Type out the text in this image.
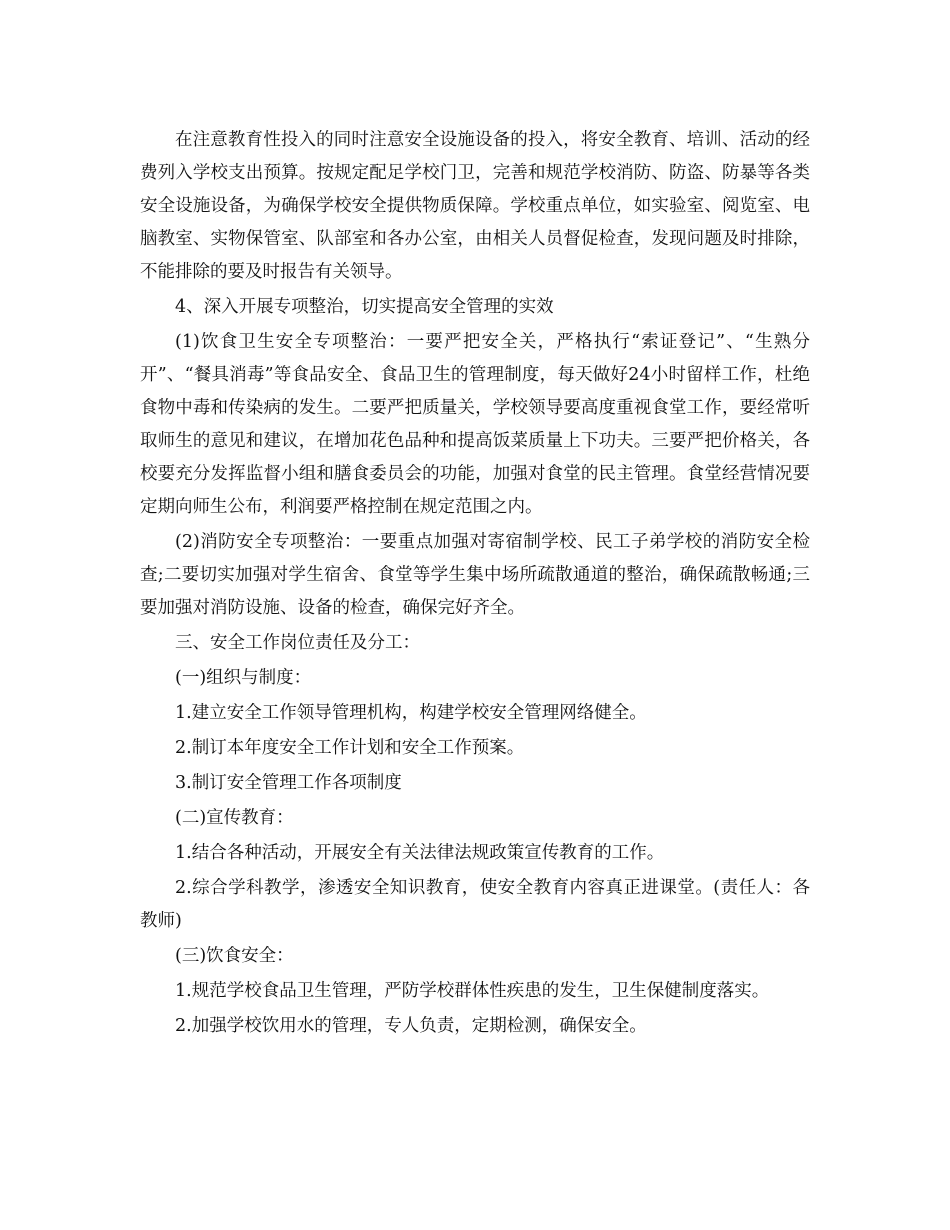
在注意教育性投入的同时注意安全设施设备的投入，将安全教育、培训、活动的经费列入学校支出预算。按规定配足学校门卫，完善和规范学校消防、防盗、防暴等各类安全设施设备，为确保学校安全提供物质保障。学校重点单位，如实验室、阅览室、电脑教室、实物保管室、队部室和各办公室，由相关人员督促检查，发现问题及时排除，不能排除的要及时报告有关领导。

4、深入开展专项整治，切实提高安全管理的实效

(1)饮食卫生安全专项整治：一要严把安全关，严格执行“索证登记”、“生熟分开”、“餐具消毒”等食品安全、食品卫生的管理制度，每天做好24小时留样工作，杜绝食物中毒和传染病的发生。二要严把质量关，学校领导要高度重视食堂工作，要经常听取师生的意见和建议，在增加花色品种和提高饭菜质量上下功夫。三要严把价格关，各校要充分发挥监督小组和膳食委员会的功能，加强对食堂的民主管理。食堂经营情况要定期向师生公布，利润要严格控制在规定范围之内。

(2)消防安全专项整治：一要重点加强对寄宿制学校、民工子弟学校的消防安全检查;二要切实加强对学生宿舍、食堂等学生集中场所疏散通道的整治，确保疏散畅通;三要加强对消防设施、设备的检查，确保完好齐全。

三、安全工作岗位责任及分工：

(一)组织与制度：

1.建立安全工作领导管理机构，构建学校安全管理网络健全。

2.制订本年度安全工作计划和安全工作预案。

3.制订安全管理工作各项制度

(二)宣传教育：

1.结合各种活动，开展安全有关法律法规政策宣传教育的工作。

2.综合学科教学，渗透安全知识教育，使安全教育内容真正进课堂。(责任人：各教师)

(三)饮食安全：

1.规范学校食品卫生管理，严防学校群体性疾患的发生，卫生保健制度落实。

2.加强学校饮用水的管理，专人负责，定期检测，确保安全。
